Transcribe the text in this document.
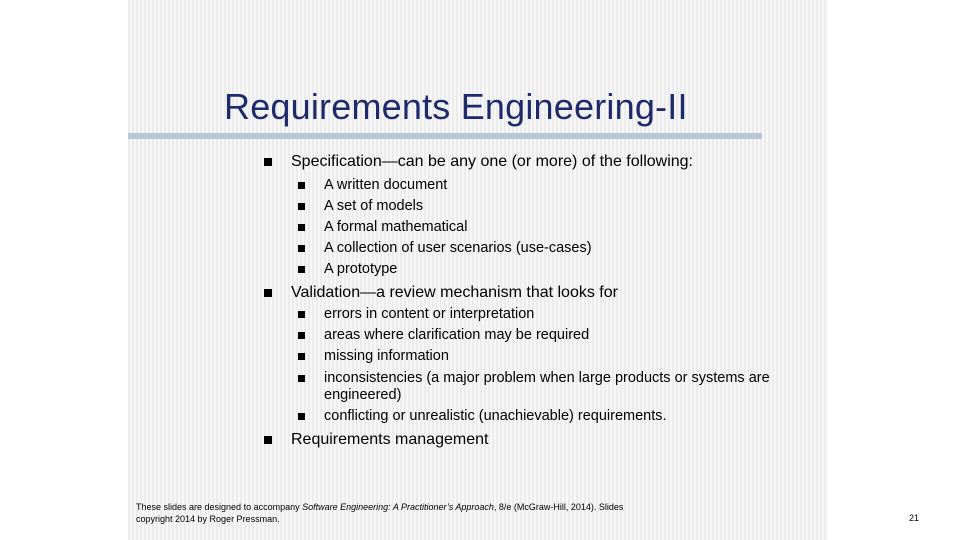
Requirements Engineering-II
Specification—can be any one (or more) of the following:
A written document
A set of models
A formal mathematical
A collection of user scenarios (use-cases)
A prototype
Validation—a review mechanism that looks for
errors in content or interpretation
areas where clarification may be required
missing information
inconsistencies (a major problem when large products or systems are
engineered)
conflicting or unrealistic (unachievable) requirements.
Requirements management
These slides are designed to accompany Software Engineering: A Practitioner’s Approach, 8/e (McGraw-Hill, 2014). Slides
copyright 2014 by Roger Pressman.	21
